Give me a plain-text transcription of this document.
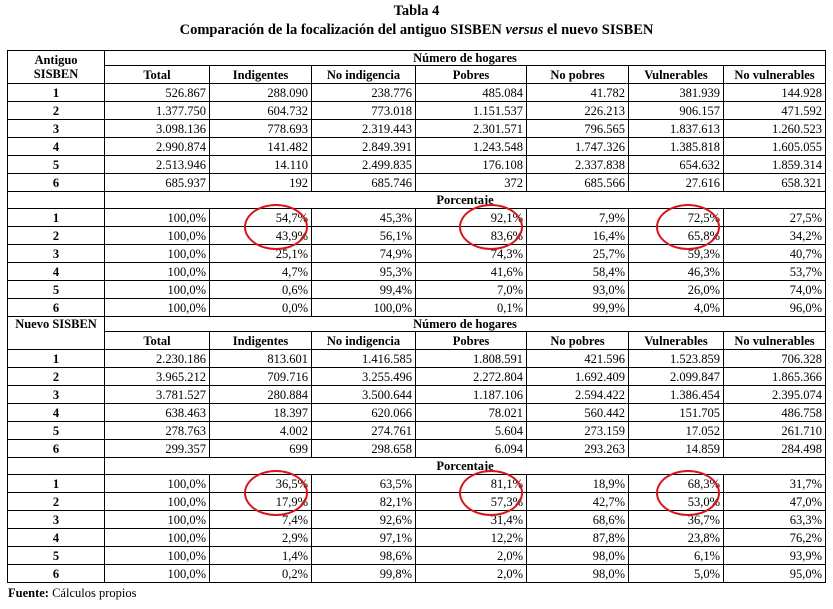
Tabla 4
Comparación de la focalización del antiguo SISBEN versus el nuevo SISBEN
Antiguo
SISBEN	Número de hogares						
	Total	Indigentes	No indigencia	Pobres	No pobres	Vulnerables	No vulnerables
1	526.867	288.090	238.776	485.084	41.782	381.939	144.928
2	1.377.750	604.732	773.018	1.151.537	226.213	906.157	471.592
3	3.098.136	778.693	2.319.443	2.301.571	796.565	1.837.613	1.260.523
4	2.990.874	141.482	2.849.391	1.243.548	1.747.326	1.385.818	1.605.055
5	2.513.946	14.110	2.499.835	176.108	2.337.838	654.632	1.859.314
6	685.937	192	685.746	372	685.566	27.616	658.321
	Porcentaje						
1	100,0%	54,7%	45,3%	92,1%	7,9%	72,5%	27,5%
2	100,0%	43,9%	56,1%	83,6%	16,4%	65,8%	34,2%
3	100,0%	25,1%	74,9%	74,3%	25,7%	59,3%	40,7%
4	100,0%	4,7%	95,3%	41,6%	58,4%	46,3%	53,7%
5	100,0%	0,6%	99,4%	7,0%	93,0%	26,0%	74,0%
6	100,0%	0,0%	100,0%	0,1%	99,9%	4,0%	96,0%
Nuevo SISBEN	Número de hogares						
	Total	Indigentes	No indigencia	Pobres	No pobres	Vulnerables	No vulnerables
1	2.230.186	813.601	1.416.585	1.808.591	421.596	1.523.859	706.328
2	3.965.212	709.716	3.255.496	2.272.804	1.692.409	2.099.847	1.865.366
3	3.781.527	280.884	3.500.644	1.187.106	2.594.422	1.386.454	2.395.074
4	638.463	18.397	620.066	78.021	560.442	151.705	486.758
5	278.763	4.002	274.761	5.604	273.159	17.052	261.710
6	299.357	699	298.658	6.094	293.263	14.859	284.498
	Porcentaje						
1	100,0%	36,5%	63,5%	81,1%	18,9%	68,3%	31,7%
2	100,0%	17,9%	82,1%	57,3%	42,7%	53,0%	47,0%
3	100,0%	7,4%	92,6%	31,4%	68,6%	36,7%	63,3%
4	100,0%	2,9%	97,1%	12,2%	87,8%	23,8%	76,2%
5	100,0%	1,4%	98,6%	2,0%	98,0%	6,1%	93,9%
6	100,0%	0,2%	99,8%	2,0%	98,0%	5,0%	95,0%
Fuente: Cálculos propios
